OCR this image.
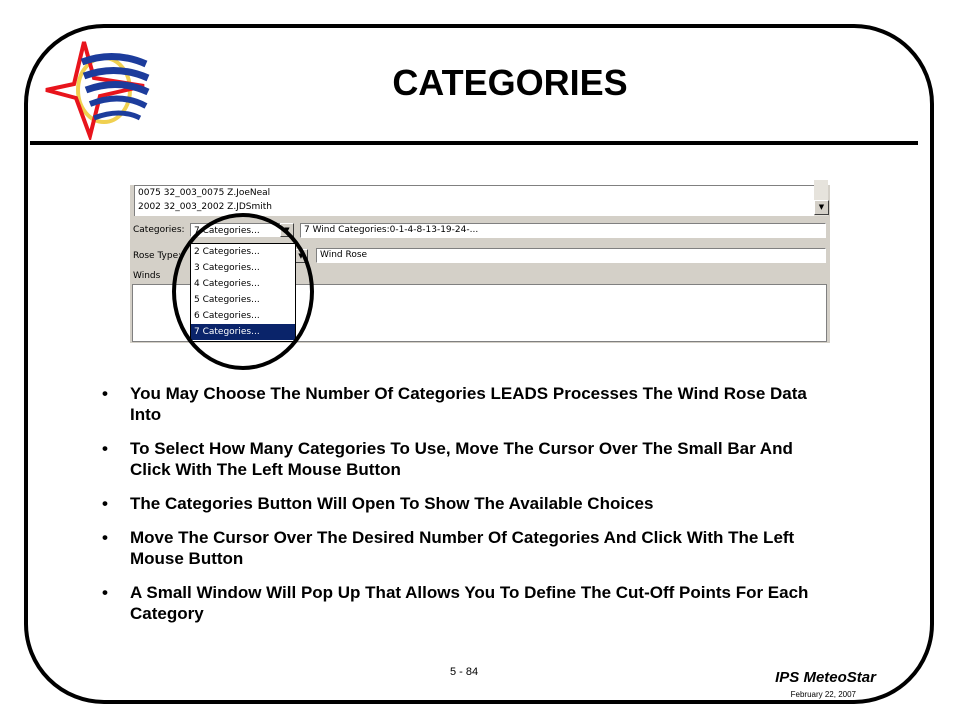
CATEGORIES
0075 32_003_0075 Z.JoeNeal
2002 32_003_2002 Z.JDSmith	▼
Categories:	7 Categories...	▼	7 Wind Categories:0-1-4-8-13-19-24-...
Rose Type:	▼	Wind Rose
Winds
2 Categories...
3 Categories...
4 Categories...
5 Categories...
6 Categories...
7 Categories...
• You May Choose The Number Of Categories LEADS Processes The Wind Rose Data Into
• To Select How Many Categories To Use, Move The Cursor Over The Small Bar And Click With The Left Mouse Button
• The Categories Button Will Open To Show The Available Choices
• Move The Cursor Over The Desired Number Of Categories And Click With The Left Mouse Button
• A Small Window Will Pop Up That Allows You To Define The Cut-Off Points For Each Category
5 - 84	IPS MeteoStar
February 22, 2007
